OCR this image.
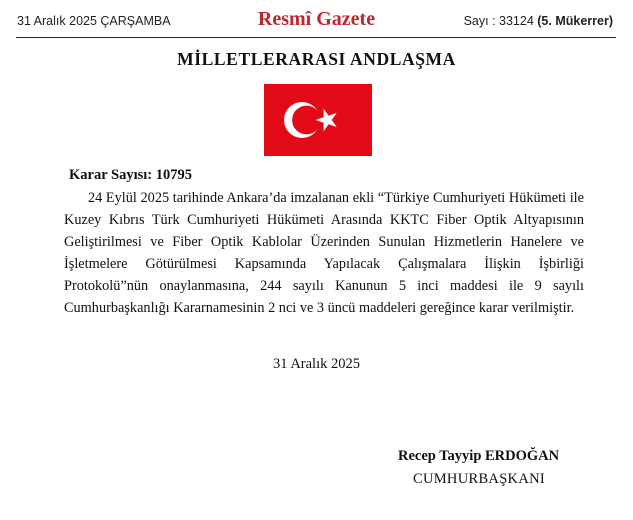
31 Aralık 2025 ÇARŞAMBA	Resmî Gazete	Sayı : 33124 (5. Mükerrer)
MİLLETLERARASI ANDLAŞMA
Karar Sayısı: 10795
24 Eylül 2025 tarihinde Ankara’da imzalanan ekli “Türkiye Cumhuriyeti Hükümeti ile Kuzey Kıbrıs Türk Cumhuriyeti Hükümeti Arasında KKTC Fiber Optik Altyapısının Geliştirilmesi ve Fiber Optik Kablolar Üzerinden Sunulan Hizmetlerin Hanelere ve İşletmelere Götürülmesi Kapsamında Yapılacak Çalışmalara İlişkin İşbirliği Protokolü”nün onaylanmasına, 244 sayılı Kanunun 5 inci maddesi ile 9 sayılı Cumhurbaşkanlığı Kararnamesinin 2 nci ve 3 üncü maddeleri gereğince karar verilmiştir.
31 Aralık 2025
Recep Tayyip ERDOĞAN
CUMHURBAŞKANI
